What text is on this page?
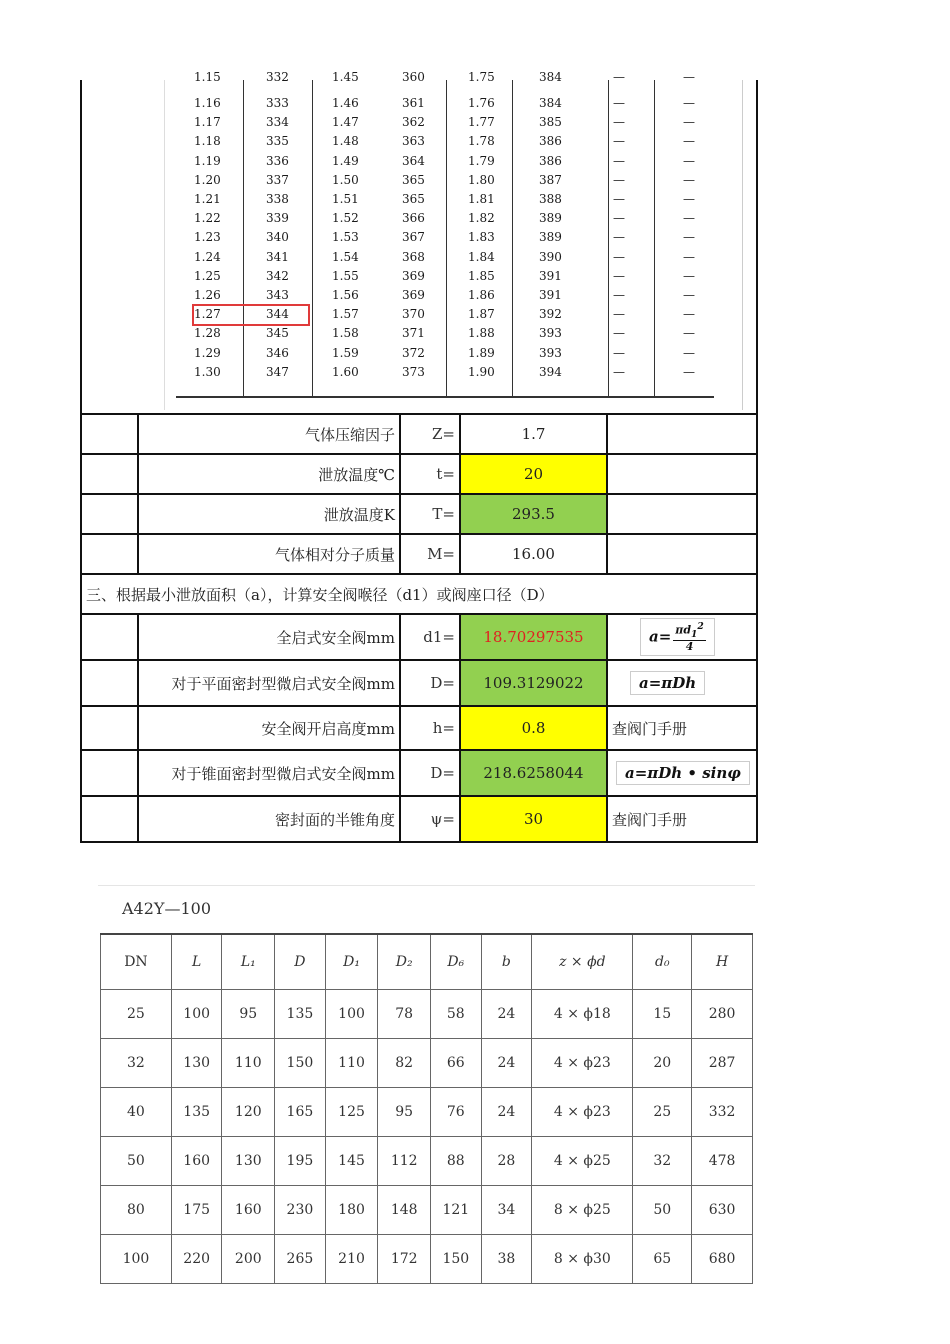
1.15	332	1.45	360	1.75	384	—	—
1.16	333	1.46	361	1.76	384	—	—
1.17	334	1.47	362	1.77	385	—	—
1.18	335	1.48	363	1.78	386	—	—
1.19	336	1.49	364	1.79	386	—	—
1.20	337	1.50	365	1.80	387	—	—
1.21	338	1.51	365	1.81	388	—	—
1.22	339	1.52	366	1.82	389	—	—
1.23	340	1.53	367	1.83	389	—	—
1.24	341	1.54	368	1.84	390	—	—
1.25	342	1.55	369	1.85	391	—	—
1.26	343	1.56	369	1.86	391	—	—
1.27	344	1.57	370	1.87	392	—	—
1.28	345	1.58	371	1.88	393	—	—
1.29	346	1.59	372	1.89	393	—	—
1.30	347	1.60	373	1.90	394	—	—
	气体压缩因子	Z=	1.7	
	泄放温度℃	t=	20	
	泄放温度K	T=	293.5	
	气体相对分子质量	M=	16.00	
三、根据最小泄放面积（a），计算安全阀喉径（d1）或阀座口径（D）				
	全启式安全阀mm	d1=	18.70297535	$a= \frac{\pi d_1^2}{4}$

	对于平面密封型微启式安全阀mm	D=	109.3129022	a=πDh
	安全阀开启高度mm	h=	0.8	查阀门手册
	对于锥面密封型微启式安全阀mm	D=	218.6258044	a=πDh • sinφ
	密封面的半锥角度	ψ=	30	查阀门手册
A42Y—100
DN	L	L₁	D	D₁	D₂	D₆	b	z × ϕd	d₀	H
25	100	95	135	100	78	58	24	4 × ϕ18	15	280
32	130	110	150	110	82	66	24	4 × ϕ23	20	287
40	135	120	165	125	95	76	24	4 × ϕ23	25	332
50	160	130	195	145	112	88	28	4 × ϕ25	32	478
80	175	160	230	180	148	121	34	8 × ϕ25	50	630
100	220	200	265	210	172	150	38	8 × ϕ30	65	680
